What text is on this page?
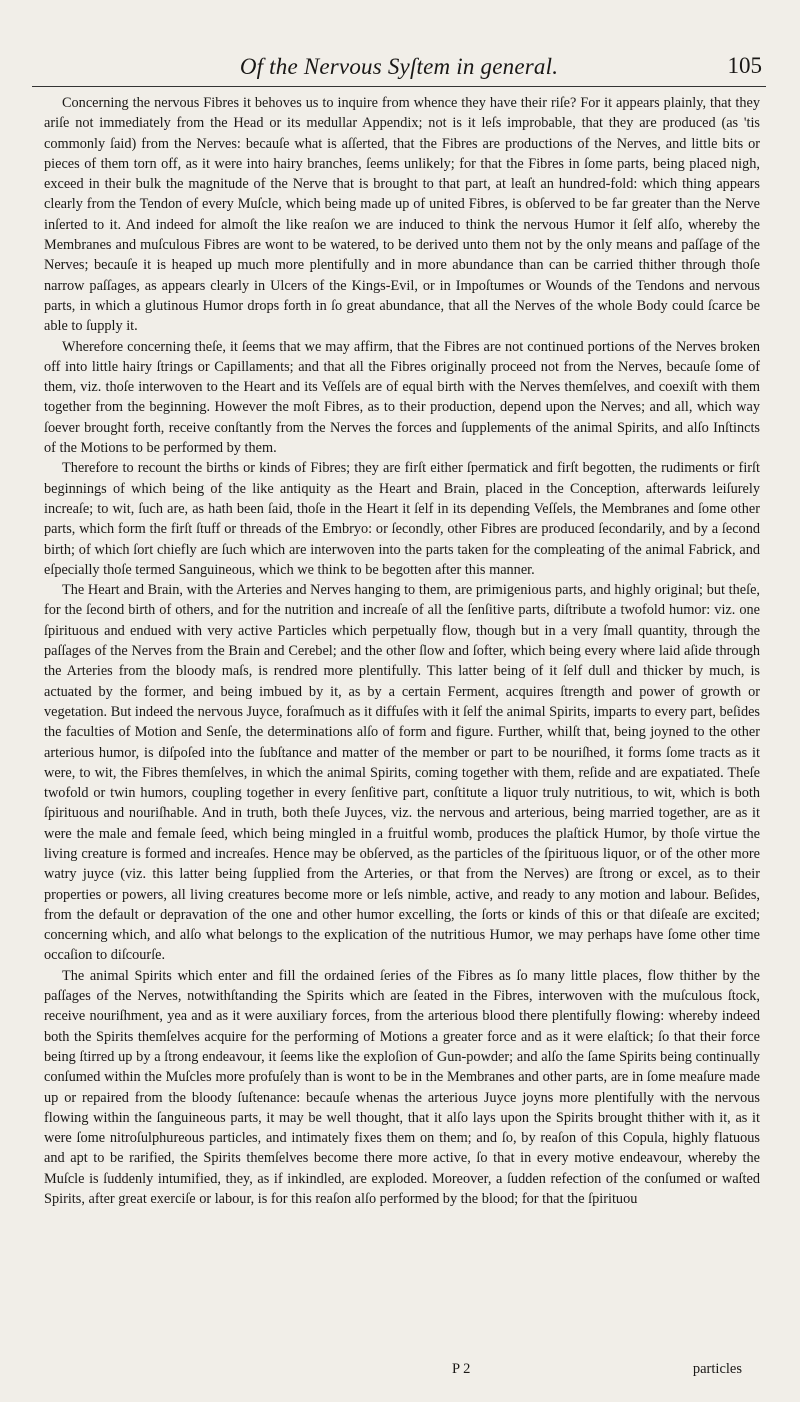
Of the Nervous Syſtem in general.	105

Concerning the nervous Fibres it behoves us to inquire from whence they have their riſe? For it appears plainly, that they ariſe not immediately from the Head or its medullar Appendix; not is it leſs improbable, that they are produced (as 'tis commonly ſaid) from the Nerves: becauſe what is aſſerted, that the Fibres are productions of the Nerves, and little bits or pieces of them torn off, as it were into hairy branches, ſeems unlikely; for that the Fibres in ſome parts, being placed nigh, exceed in their bulk the magnitude of the Nerve that is brought to that part, at leaſt an hundred-fold: which thing appears clearly from the Tendon of every Muſcle, which being made up of united Fibres, is obſerved to be far greater than the Nerve inſerted to it. And indeed for almoſt the like reaſon we are induced to think the nervous Humor it ſelf alſo, whereby the Membranes and muſculous Fibres are wont to be watered, to be derived unto them not by the only means and paſſage of the Nerves; becauſe it is heaped up much more plentifully and in more abundance than can be carried thither through thoſe narrow paſſages, as appears clearly in Ulcers of the Kings-Evil, or in Impoſtumes or Wounds of the Tendons and nervous parts, in which a glutinous Humor drops forth in ſo great abundance, that all the Nerves of the whole Body could ſcarce be able to ſupply it.

Wherefore concerning theſe, it ſeems that we may affirm, that the Fibres are not continued portions of the Nerves broken off into little hairy ſtrings or Capillaments; and that all the Fibres originally proceed not from the Nerves, becauſe ſome of them, viz. thoſe interwoven to the Heart and its Veſſels are of equal birth with the Nerves themſelves, and coexiſt with them together from the beginning. However the moſt Fibres, as to their production, depend upon the Nerves; and all, which way ſoever brought forth, receive conſtantly from the Nerves the forces and ſupplements of the animal Spirits, and alſo Inſtincts of the Motions to be performed by them.

Therefore to recount the births or kinds of Fibres; they are firſt either ſpermatick and firſt begotten, the rudiments or firſt beginnings of which being of the like antiquity as the Heart and Brain, placed in the Conception, afterwards leiſurely increaſe; to wit, ſuch are, as hath been ſaid, thoſe in the Heart it ſelf in its depending Veſſels, the Membranes and ſome other parts, which form the firſt ſtuff or threads of the Embryo: or ſecondly, other Fibres are produced ſecondarily, and by a ſecond birth; of which ſort chiefly are ſuch which are interwoven into the parts taken for the compleating of the animal Fabrick, and eſpecially thoſe termed Sanguineous, which we think to be begotten after this manner.

The Heart and Brain, with the Arteries and Nerves hanging to them, are primigenious parts, and highly original; but theſe, for the ſecond birth of others, and for the nutrition and increaſe of all the ſenſitive parts, diſtribute a twofold humor: viz. one ſpirituous and endued with very active Particles which perpetually flow, though but in a very ſmall quantity, through the paſſages of the Nerves from the Brain and Cerebel; and the other ſlow and ſofter, which being every where laid aſide through the Arteries from the bloody maſs, is rendred more plentifully. This latter being of it ſelf dull and thicker by much, is actuated by the former, and being imbued by it, as by a certain Ferment, acquires ſtrength and power of growth or vegetation. But indeed the nervous Juyce, foraſmuch as it diffuſes with it ſelf the animal Spirits, imparts to every part, beſides the faculties of Motion and Senſe, the determinations alſo of form and figure. Further, whilſt that, being joyned to the other arterious humor, is diſpoſed into the ſubſtance and matter of the member or part to be nouriſhed, it forms ſome tracts as it were, to wit, the Fibres themſelves, in which the animal Spirits, coming together with them, reſide and are expatiated. Theſe twofold or twin humors, coupling together in every ſenſitive part, conſtitute a liquor truly nutritious, to wit, which is both ſpirituous and nouriſhable. And in truth, both theſe Juyces, viz. the nervous and arterious, being married together, are as it were the male and female ſeed, which being mingled in a fruitful womb, produces the plaſtick Humor, by thoſe virtue the living creature is formed and increaſes. Hence may be obſerved, as the particles of the ſpirituous liquor, or of the other more watry juyce (viz. this latter being ſupplied from the Arteries, or that from the Nerves) are ſtrong or excel, as to their properties or powers, all living creatures become more or leſs nimble, active, and ready to any motion and labour. Beſides, from the default or depravation of the one and other humor excelling, the ſorts or kinds of this or that diſeaſe are excited; concerning which, and alſo what belongs to the explication of the nutritious Humor, we may perhaps have ſome other time occaſion to diſcourſe.

The animal Spirits which enter and fill the ordained ſeries of the Fibres as ſo many little places, flow thither by the paſſages of the Nerves, notwithſtanding the Spirits which are ſeated in the Fibres, interwoven with the muſculous ſtock, receive nouriſhment, yea and as it were auxiliary forces, from the arterious blood there plentifully flowing: whereby indeed both the Spirits themſelves acquire for the performing of Motions a greater force and as it were elaſtick; ſo that their force being ſtirred up by a ſtrong endeavour, it ſeems like the exploſion of Gun-powder; and alſo the ſame Spirits being continually conſumed within the Muſcles more profuſely than is wont to be in the Membranes and other parts, are in ſome meaſure made up or repaired from the bloody ſuſtenance: becauſe whenas the arterious Juyce joyns more plentifully with the nervous flowing within the ſanguineous parts, it may be well thought, that it alſo lays upon the Spirits brought thither with it, as it were ſome nitroſulphureous particles, and intimately fixes them on them; and ſo, by reaſon of this Copula, highly flatuous and apt to be rarified, the Spirits themſelves become there more active, ſo that in every motive endeavour, whereby the Muſcle is ſuddenly intumified, they, as if inkindled, are exploded. Moreover, a ſudden refection of the conſumed or waſted Spirits, after great exerciſe or labour, is for this reaſon alſo performed by the blood; for that the ſpirituou

P 2	particles
